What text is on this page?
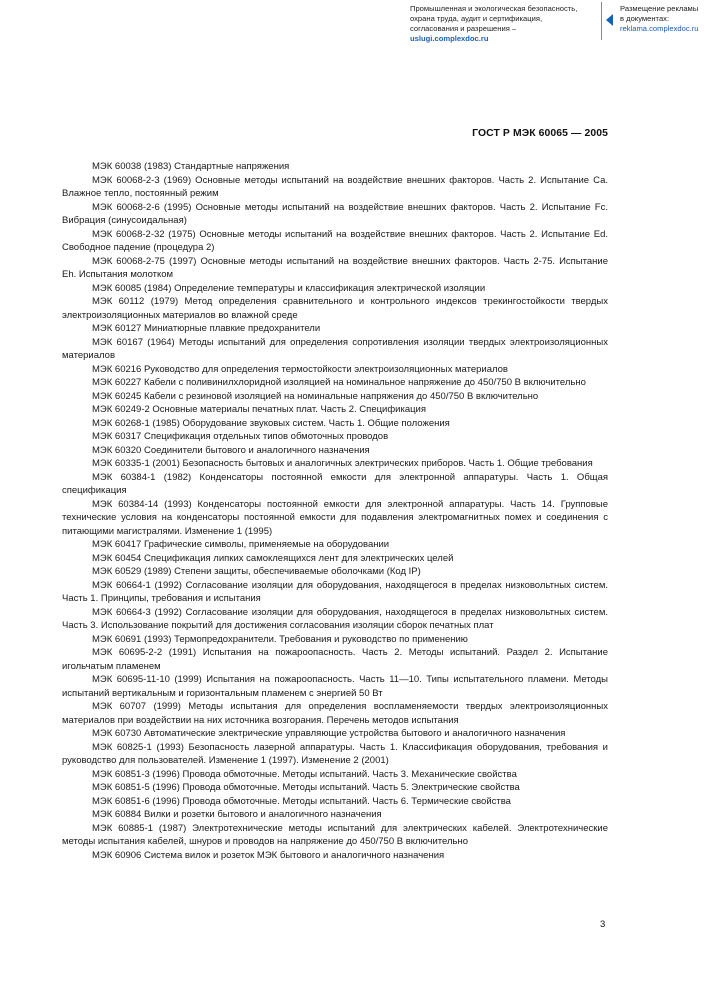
Промышленная и экологическая безопасность,
охрана труда, аудит и сертификация,
согласования и разрешения – uslugi.complexdoc.ru
Размещение рекламы
в документах:
reklama.complexdoc.ru
ГОСТ Р МЭК 60065 — 2005

МЭК 60038 (1983) Стандартные напряжения

МЭК 60068-2-3 (1969) Основные методы испытаний на воздействие внешних факторов. Часть 2. Испытание Са. Влажное тепло, постоянный режим

МЭК 60068-2-6 (1995) Основные методы испытаний на воздействие внешних факторов. Часть 2. Испытание Fc. Вибрация (синусоидальная)

МЭК 60068-2-32 (1975) Основные методы испытаний на воздействие внешних факторов. Часть 2. Испытание Ed. Свободное падение (процедура 2)

МЭК 60068-2-75 (1997) Основные методы испытаний на воздействие внешних факторов. Часть 2-75. Испытание Eh. Испытания молотком

МЭК 60085 (1984) Определение температуры и классификация электрической изоляции

МЭК 60112 (1979) Метод определения сравнительного и контрольного индексов трекингостойкости твердых электроизоляционных материалов во влажной среде

МЭК 60127 Миниатюрные плавкие предохранители

МЭК 60167 (1964) Методы испытаний для определения сопротивления изоляции твердых электроизоляционных материалов

МЭК 60216 Руководство для определения термостойкости электроизоляционных материалов

МЭК 60227 Кабели с поливинилхлоридной изоляцией на номинальное напряжение до 450/750 В включительно

МЭК 60245 Кабели с резиновой изоляцией на номинальные напряжения до 450/750 В включительно

МЭК 60249-2 Основные материалы печатных плат. Часть 2. Спецификация

МЭК 60268-1 (1985) Оборудование звуковых систем. Часть 1. Общие положения

МЭК 60317 Спецификация отдельных типов обмоточных проводов

МЭК 60320 Соединители бытового и аналогичного назначения

МЭК 60335-1 (2001) Безопасность бытовых и аналогичных электрических приборов. Часть 1. Общие требования

МЭК 60384-1 (1982) Конденсаторы постоянной емкости для электронной аппаратуры. Часть 1. Общая спецификация

МЭК 60384-14 (1993) Конденсаторы постоянной емкости для электронной аппаратуры. Часть 14. Групповые технические условия на конденсаторы постоянной емкости для подавления электромагнитных помех и соединения с питающими магистралями. Изменение 1 (1995)

МЭК 60417 Графические символы, применяемые на оборудовании

МЭК 60454 Спецификация липких самоклеящихся лент для электрических целей

МЭК 60529 (1989) Степени защиты, обеспечиваемые оболочками (Код IP)

МЭК 60664-1 (1992) Согласование изоляции для оборудования, находящегося в пределах низковольтных систем. Часть 1. Принципы, требования и испытания

МЭК 60664-3 (1992) Согласование изоляции для оборудования, находящегося в пределах низковольтных систем. Часть 3. Использование покрытий для достижения согласования изоляции сборок печатных плат

МЭК 60691 (1993) Термопредохранители. Требования и руководство по применению

МЭК 60695-2-2 (1991) Испытания на пожароопасность. Часть 2. Методы испытаний. Раздел 2. Испытание игольчатым пламенем

МЭК 60695-11-10 (1999) Испытания на пожароопасность. Часть 11—10. Типы испытательного пламени. Методы испытаний вертикальным и горизонтальным пламенем с энергией 50 Вт

МЭК 60707 (1999) Методы испытания для определения воспламеняемости твердых электроизоляционных материалов при воздействии на них источника возгорания. Перечень методов испытания

МЭК 60730 Автоматические электрические управляющие устройства бытового и аналогичного назначения

МЭК 60825-1 (1993) Безопасность лазерной аппаратуры. Часть 1. Классификация оборудования, требования и руководство для пользователей. Изменение 1 (1997). Изменение 2 (2001)

МЭК 60851-3 (1996) Провода обмоточные. Методы испытаний. Часть 3. Механические свойства

МЭК 60851-5 (1996) Провода обмоточные. Методы испытаний. Часть 5. Электрические свойства

МЭК 60851-6 (1996) Провода обмоточные. Методы испытаний. Часть 6. Термические свойства

МЭК 60884 Вилки и розетки бытового и аналогичного назначения

МЭК 60885-1 (1987) Электротехнические методы испытаний для электрических кабелей. Электротехнические методы испытания кабелей, шнуров и проводов на напряжение до 450/750 В включительно

МЭК 60906 Система вилок и розеток МЭК бытового и аналогичного назначения

3
